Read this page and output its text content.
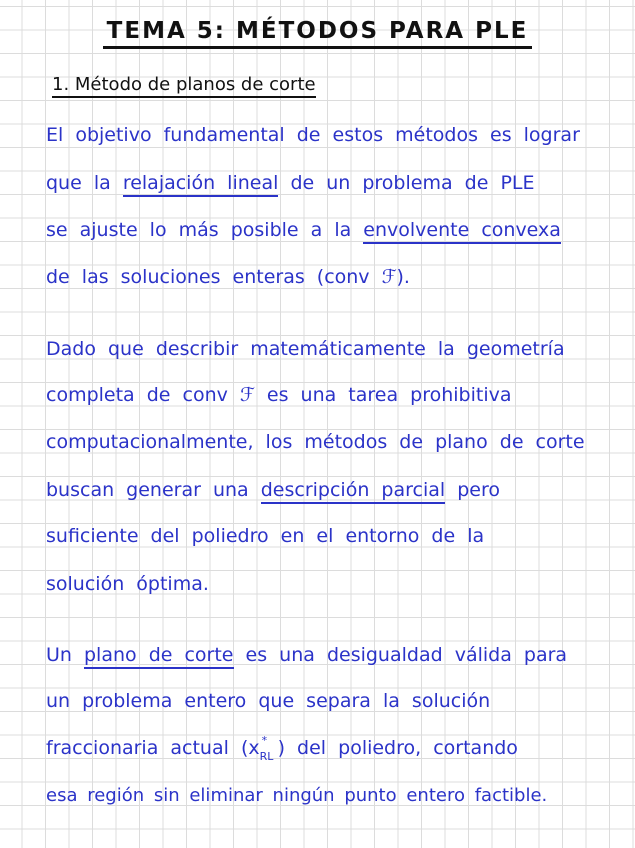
TEMA 5: MÉTODOS PARA PLE
1. Método de planos de corte
El objetivo fundamental de estos métodos es lograr
que la relajación lineal de un problema de PLE
se ajuste lo más posible a la envolvente convexa
de las soluciones enteras (conv ℱ).
Dado que describir matemáticamente la geometría
completa de conv ℱ es una tarea prohibitiva
computacionalmente, los métodos de plano de corte
buscan generar una descripción parcial pero
suficiente del poliedro en el entorno de la
solución óptima.
Un plano de corte es una desigualdad válida para
un problema entero que separa la solución
fraccionaria actual (x *
RL ) del poliedro, cortando
esa región sin eliminar ningún punto entero factible.
